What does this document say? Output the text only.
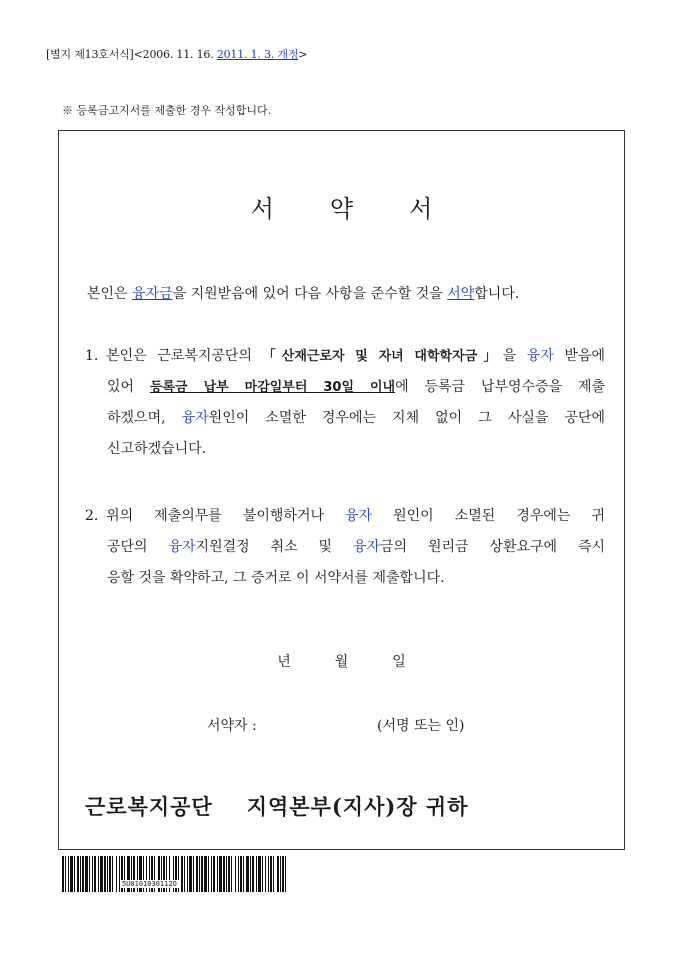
[별지 제13호서식]<2006. 11. 16. 2011. 1. 3. 개정>
※ 등록금고지서를 제출한 경우 작성합니다.
서 약 서
본인은 융자금을 지원받음에 있어 다음 사항을 준수할 것을 서약합니다.
1. 본인은 근로복지공단의 「산재근로자 및 자녀 대학학자금」을 융자 받음에
있어 등록금 납부 마감일부터 30일 이내에 등록금 납부영수증을 제출
하겠으며, 융자원인이 소멸한 경우에는 지체 없이 그 사실을 공단에
신고하겠습니다.
2. 위의 제출의무를 불이행하거나 융자 원인이 소멸된 경우에는 귀
공단의 융자지원결정 취소 및 융자금의 원리금 상환요구에 즉시
응할 것을 확약하고, 그 증거로 이 서약서를 제출합니다.
년	월	일
서약자 :	(서명 또는 인)
근로복지공단 지역본부(지사)장 귀하
5U0101030112O
